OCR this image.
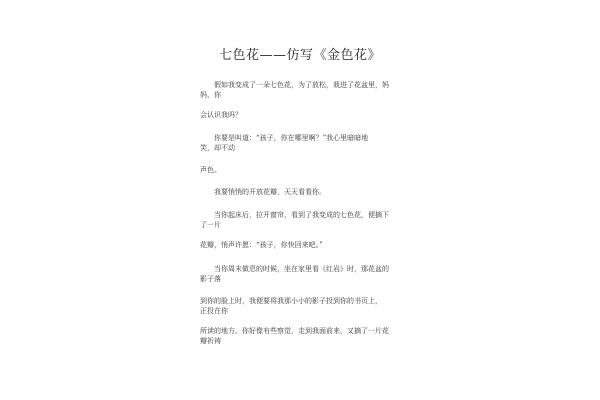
七色花——仿写《金色花》
假如我变成了一朵七色花，为了放松，栽进了花盆里，妈
妈，你
会认识我吗？
你要是叫道：“孩子，你在哪里啊？”我心里暗暗地
笑，却不动
声色。
我要悄悄的开放花瓣，天天看看你。
当你起床后，拉开窗帘，看到了我变成的七色花，便摘下
了一片
花瓣，悄声许愿：“孩子，你快回来吧。”
当你周末做息的时候，坐在家里看《红岩》时，那花盆的
影子落
到你的脸上时，我便要将我那小小的影子投到你的书页上，
正投在你
所读的地方。你好像有些察觉，走到我面前来，又摘了一片花
瓣祈祷
